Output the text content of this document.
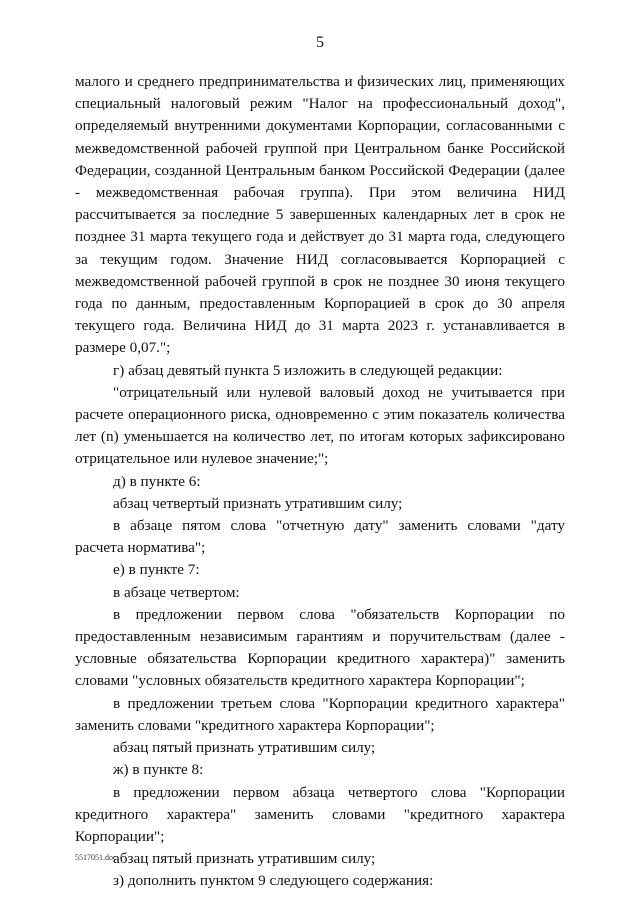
5

малого и среднего предпринимательства и физических лиц, применяющих специальный налоговый режим "Налог на профессиональный доход", определяемый внутренними документами Корпорации, согласованными с межведомственной рабочей группой при Центральном банке Российской Федерации, созданной Центральным банком Российской Федерации (далее - межведомственная рабочая группа). При этом величина НИД рассчитывается за последние 5 завершенных календарных лет в срок не позднее 31 марта текущего года и действует до 31 марта года, следующего за текущим годом. Значение НИД согласовывается Корпорацией с межведомственной рабочей группой в срок не позднее 30 июня текущего года по данным, предоставленным Корпорацией в срок до 30 апреля текущего года. Величина НИД до 31 марта 2023 г. устанавливается в размере 0,07.";

г) абзац девятый пункта 5 изложить в следующей редакции:

"отрицательный или нулевой валовый доход не учитывается при расчете операционного риска, одновременно с этим показатель количества лет (n) уменьшается на количество лет, по итогам которых зафиксировано отрицательное или нулевое значение;";

д) в пункте 6:

абзац четвертый признать утратившим силу;

в абзаце пятом слова "отчетную дату" заменить словами "дату расчета норматива";

е) в пункте 7:

в абзаце четвертом:

в предложении первом слова "обязательств Корпорации по предоставленным независимым гарантиям и поручительствам (далее - условные обязательства Корпорации кредитного характера)" заменить словами "условных обязательств кредитного характера Корпорации";

в предложении третьем слова "Корпорации кредитного характера" заменить словами "кредитного характера Корпорации";

абзац пятый признать утратившим силу;

ж) в пункте 8:

в предложении первом абзаца четвертого слова "Корпорации кредитного характера" заменить словами "кредитного характера Корпорации";

абзац пятый признать утратившим силу;

з) дополнить пунктом 9 следующего содержания:

5517051.doc
